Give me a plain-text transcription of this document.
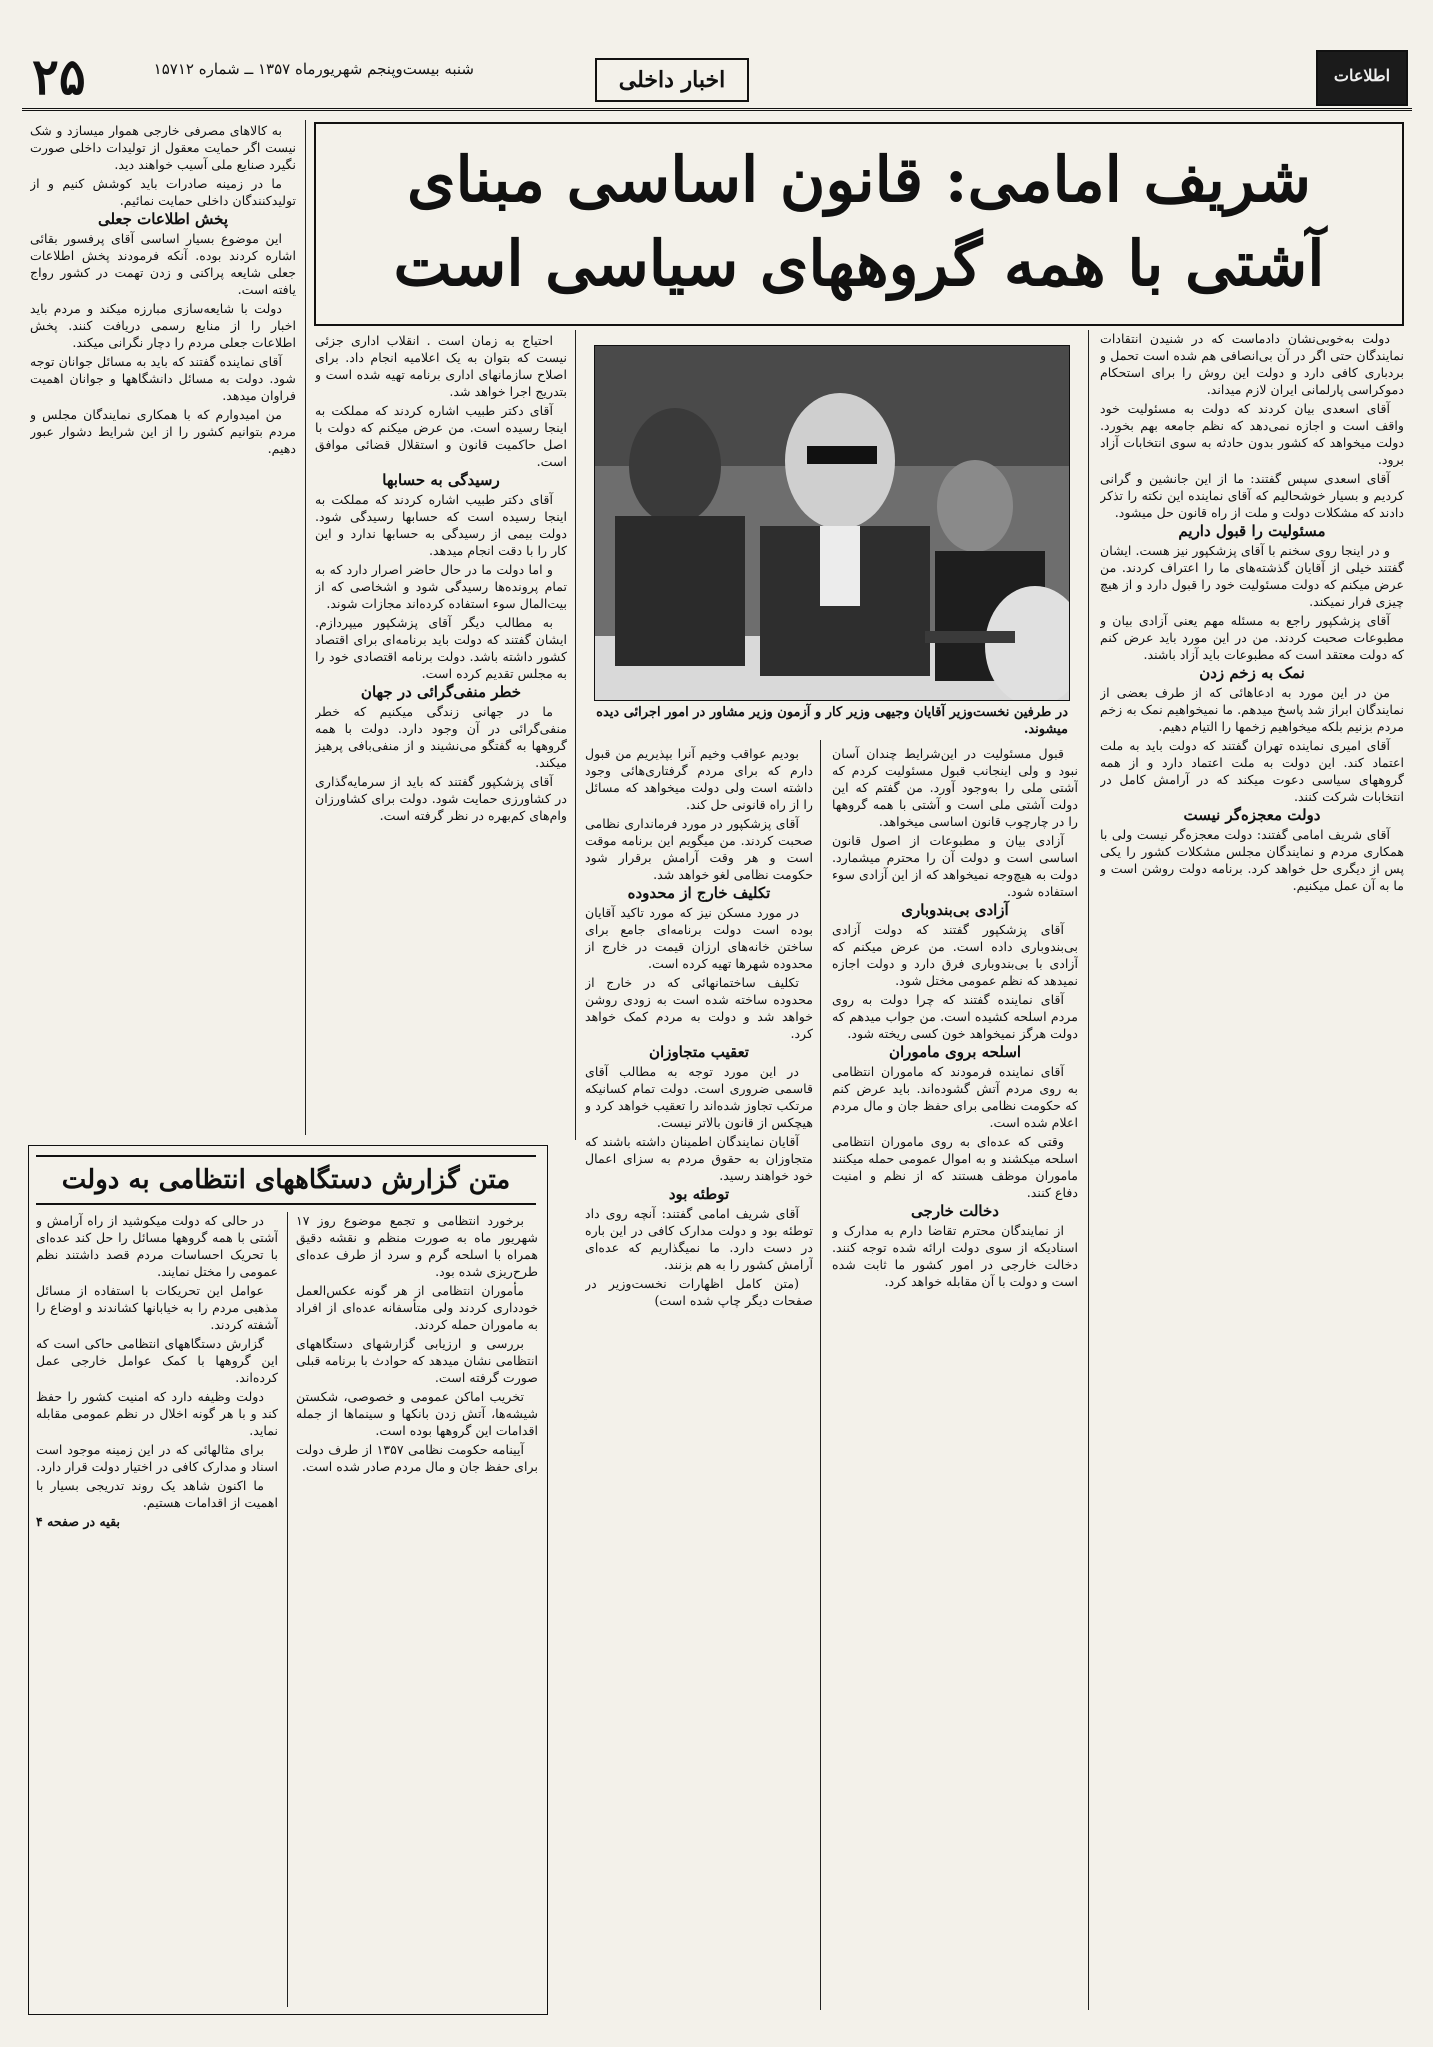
۲۵	شنبه بیست‌وپنجم شهریورماه ۱۳۵۷ ــ شماره ۱۵۷۱۲	اخبار داخلی	اطلاعات
شریف امامی: قانون اساسی مبنای
آشتی با همه گروههای سیاسی است
در طرفین نخست‌وزیر آقایان وجیهی وزیر کار و آزمون وزیر مشاور در امور اجرائی دیده میشوند.

دولت به‌خوبی‌نشان دادماست که در شنیدن انتقادات نمایندگان حتی اگر در آن بی‌انصافی هم شده است تحمل و بردباری کافی دارد و دولت این روش را برای استحکام دموکراسی پارلمانی ایران لازم میداند.

آقای اسعدی بیان کردند که دولت به مسئولیت خود واقف است و اجازه نمی‌دهد که نظم جامعه بهم بخورد. دولت میخواهد که کشور بدون حادثه به سوی انتخابات آزاد برود.

آقای اسعدی سپس گفتند: ما از این جانشین و گرانی کردیم و بسیار خوشحالیم که آقای نماینده این نکته را تذکر دادند که مشکلات دولت و ملت از راه قانون حل میشود.

مسئولیت را قبول داریم

و در اینجا روی سخنم با آقای پزشکپور نیز هست. ایشان گفتند خیلی از آقایان گذشته‌های ما را اعتراف کردند. من عرض میکنم که دولت مسئولیت خود را قبول دارد و از هیچ چیزی فرار نمیکند.

آقای پزشکپور راجع به مسئله مهم یعنی آزادی بیان و مطبوعات صحبت کردند. من در این مورد باید عرض کنم که دولت معتقد است که مطبوعات باید آزاد باشند.

نمک به زخم زدن

من در این مورد به ادعاهائی که از طرف بعضی از نمایندگان ابراز شد پاسخ میدهم. ما نمیخواهیم نمک به زخم مردم بزنیم بلکه میخواهیم زخمها را التیام دهیم.

آقای امیری نماینده تهران گفتند که دولت باید به ملت اعتماد کند. این دولت به ملت اعتماد دارد و از همه گروههای سیاسی دعوت میکند که در آرامش کامل در انتخابات شرکت کنند.

دولت معجزه‌گر نیست

آقای شریف امامی گفتند: دولت معجزه‌گر نیست ولی با همکاری مردم و نمایندگان مجلس مشکلات کشور را یکی پس از دیگری حل خواهد کرد. برنامه دولت روشن است و ما به آن عمل میکنیم.

قبول مسئولیت در این‌شرایط چندان آسان نبود و ولی اینجانب قبول مسئولیت کردم که آشتی ملی را به‌وجود آورد. من گفتم که این دولت آشتی ملی است و آشتی با همه گروهها را در چارچوب قانون اساسی میخواهد.

آزادی بیان و مطبوعات از اصول قانون اساسی است و دولت آن را محترم میشمارد. دولت به هیچ‌وجه نمیخواهد که از این آزادی سوء استفاده شود.

آزادی بی‌بندوباری

آقای پزشکپور گفتند که دولت آزادی بی‌بندوباری داده است. من عرض میکنم که آزادی با بی‌بندوباری فرق دارد و دولت اجازه نمیدهد که نظم عمومی مختل شود.

آقای نماینده گفتند که چرا دولت به روی مردم اسلحه کشیده است. من جواب میدهم که دولت هرگز نمیخواهد خون کسی ریخته شود.

اسلحه بروی ماموران

آقای نماینده فرمودند که ماموران انتظامی به روی مردم آتش گشوده‌اند. باید عرض کنم که حکومت نظامی برای حفظ جان و مال مردم اعلام شده است.

وقتی که عده‌ای به روی ماموران انتظامی اسلحه میکشند و به اموال عمومی حمله میکنند ماموران موظف هستند که از نظم و امنیت دفاع کنند.

دخالت خارجی

از نمایندگان محترم تقاضا دارم به مدارک و اسنادیکه از سوی دولت ارائه شده توجه کنند. دخالت خارجی در امور کشور ما ثابت شده است و دولت با آن مقابله خواهد کرد.

بودیم عواقب وخیم آنرا بپذیریم من قبول دارم که برای مردم گرفتاری‌هائی وجود داشته است ولی دولت میخواهد که مسائل را از راه قانونی حل کند.

آقای پزشکپور در مورد فرمانداری نظامی صحبت کردند. من میگویم این برنامه موقت است و هر وقت آرامش برقرار شود حکومت نظامی لغو خواهد شد.

تکلیف خارج از محدوده

در مورد مسکن نیز که مورد تاکید آقایان بوده است دولت برنامه‌ای جامع برای ساختن خانه‌های ارزان قیمت در خارج از محدوده شهرها تهیه کرده است.

تکلیف ساختمانهائی که در خارج از محدوده ساخته شده است به زودی روشن خواهد شد و دولت به مردم کمک خواهد کرد.

تعقیب متجاوزان

در این مورد توجه به مطالب آقای قاسمی ضروری است. دولت تمام کسانیکه مرتکب تجاوز شده‌اند را تعقیب خواهد کرد و هیچکس از قانون بالاتر نیست.

آقایان نمایندگان اطمینان داشته باشند که متجاوزان به حقوق مردم به سزای اعمال خود خواهند رسید.

توطئه بود

آقای شریف امامی گفتند: آنچه روی داد توطئه بود و دولت مدارک کافی در این باره در دست دارد. ما نمیگذاریم که عده‌ای آرامش کشور را به هم بزنند.

(متن کامل اظهارات نخست‌وزیر در صفحات دیگر چاپ شده است)

احتیاج به زمان است . انقلاب اداری جزئی نیست که بتوان به یک اعلامیه انجام داد. برای اصلاح سازمانهای اداری برنامه تهیه شده است و بتدریج اجرا خواهد شد.

آقای دکتر طبیب اشاره کردند که مملکت به اینجا رسیده است. من عرض میکنم که دولت با اصل حاکمیت قانون و استقلال قضائی موافق است.

رسیدگی به حسابها

آقای دکتر طبیب اشاره کردند که مملکت به اینجا رسیده است که حسابها رسیدگی شود. دولت بیمی از رسیدگی به حسابها ندارد و این کار را با دقت انجام میدهد.

و اما دولت ما در حال حاضر اصرار دارد که به تمام پرونده‌ها رسیدگی شود و اشخاصی که از بیت‌المال سوء استفاده کرده‌اند مجازات شوند.

به مطالب دیگر آقای پزشکپور میپردازم. ایشان گفتند که دولت باید برنامه‌ای برای اقتصاد کشور داشته باشد. دولت برنامه اقتصادی خود را به مجلس تقدیم کرده است.

خطر منفی‌گرائی در جهان

ما در جهانی زندگی میکنیم که خطر منفی‌گرائی در آن وجود دارد. دولت با همه گروهها به گفتگو می‌نشیند و از منفی‌بافی پرهیز میکند.

آقای پزشکپور گفتند که باید از سرمایه‌گذاری در کشاورزی حمایت شود. دولت برای کشاورزان وام‌های کم‌بهره در نظر گرفته است.

به کالاهای مصرفی خارجی هموار میسازد و شک نیست اگر حمایت معقول از تولیدات داخلی صورت نگیرد صنایع ملی آسیب خواهند دید.

ما در زمینه صادرات باید کوشش کنیم و از تولیدکنندگان داخلی حمایت نمائیم.

پخش اطلاعات جعلی

این موضوع بسیار اساسی آقای پرفسور بقائی اشاره کردند بوده. آنکه فرمودند پخش اطلاعات جعلی شایعه پراکنی و زدن تهمت در کشور رواج یافته است.

دولت با شایعه‌سازی مبارزه میکند و مردم باید اخبار را از منابع رسمی دریافت کنند. پخش اطلاعات جعلی مردم را دچار نگرانی میکند.

آقای نماینده گفتند که باید به مسائل جوانان توجه شود. دولت به مسائل دانشگاهها و جوانان اهمیت فراوان میدهد.

من امیدوارم که با همکاری نمایندگان مجلس و مردم بتوانیم کشور را از این شرایط دشوار عبور دهیم.

متن گزارش دستگاههای انتظامی به دولت

برخورد انتظامی و تجمع موضوع روز ۱۷ شهریور ماه به صورت منظم و نقشه دقیق همراه با اسلحه گرم و سرد از طرف عده‌ای طرح‌ریزی شده بود.

مأموران انتظامی از هر گونه عکس‌العمل خودداری کردند ولی متأسفانه عده‌ای از افراد به ماموران حمله کردند.

بررسی و ارزیابی گزارشهای دستگاههای انتظامی نشان میدهد که حوادث با برنامه قبلی صورت گرفته است.

تخریب اماکن عمومی و خصوصی، شکستن شیشه‌ها، آتش زدن بانکها و سینماها از جمله اقدامات این گروهها بوده است.

آیینامه حکومت نظامی ۱۳۵۷ از طرف دولت برای حفظ جان و مال مردم صادر شده است.

در حالی که دولت میکوشید از راه آرامش و آشتی با همه گروهها مسائل را حل کند عده‌ای با تحریک احساسات مردم قصد داشتند نظم عمومی را مختل نمایند.

عوامل این تحریکات با استفاده از مسائل مذهبی مردم را به خیابانها کشاندند و اوضاع را آشفته کردند.

گزارش دستگاههای انتظامی حاکی است که این گروهها با کمک عوامل خارجی عمل کرده‌اند.

دولت وظیفه دارد که امنیت کشور را حفظ کند و با هر گونه اخلال در نظم عمومی مقابله نماید.

برای مثالهائی که در این زمینه موجود است اسناد و مدارک کافی در اختیار دولت قرار دارد.

ما اکنون شاهد یک روند تدریجی بسیار با اهمیت از اقدامات هستیم.

بقیه در صفحه ۴
